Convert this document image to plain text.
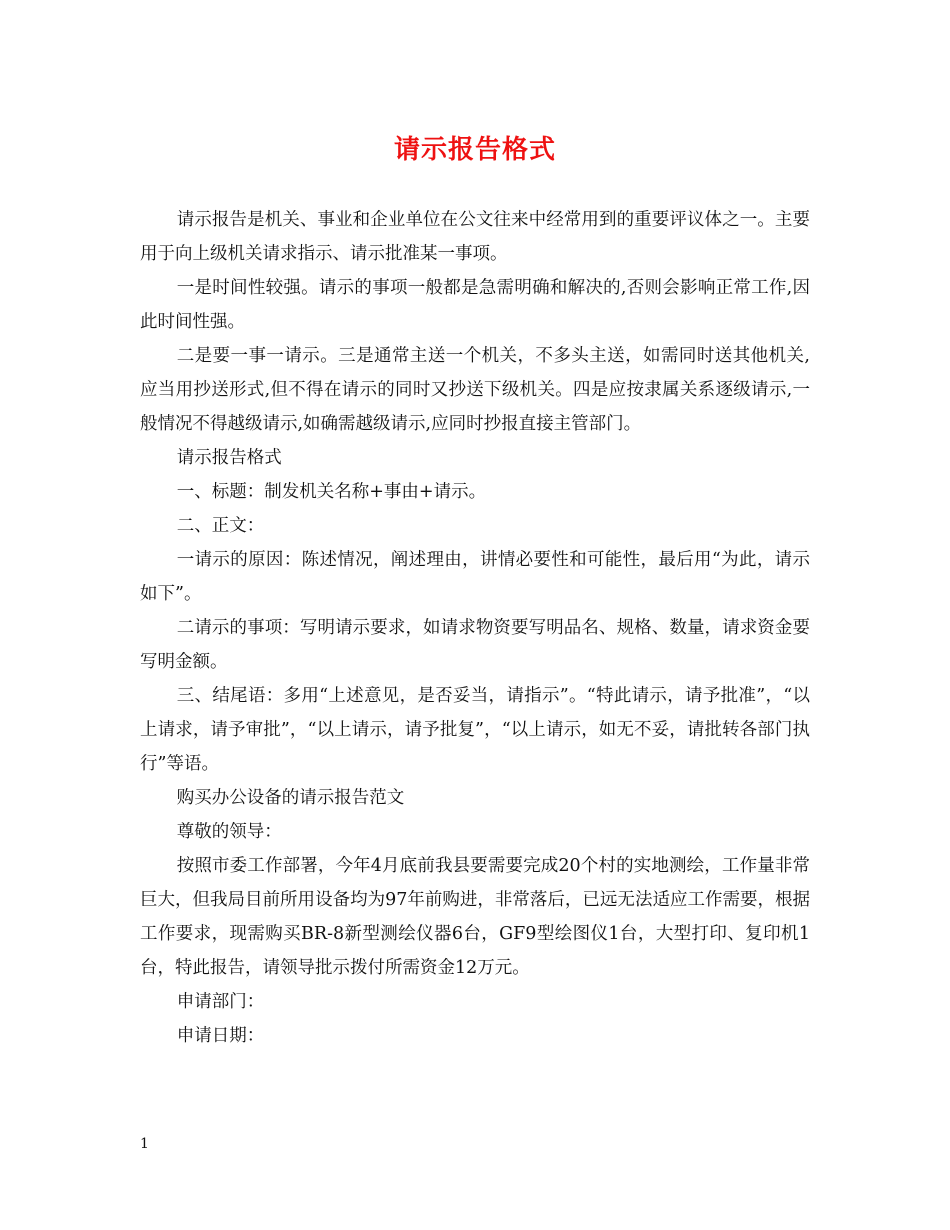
请示报告格式

请示报告是机关、事业和企业单位在公文往来中经常用到的重要评议体之一。主要用于向上级机关请求指示、请示批准某一事项。

一是时间性较强。请示的事项一般都是急需明确和解决的,否则会影响正常工作,因此时间性强。

二是要一事一请示。三是通常主送一个机关，不多头主送，如需同时送其他机关,应当用抄送形式,但不得在请示的同时又抄送下级机关。四是应按隶属关系逐级请示,一般情况不得越级请示,如确需越级请示,应同时抄报直接主管部门。

请示报告格式

一、标题：制发机关名称+事由+请示。

二、正文：

一请示的原因：陈述情况，阐述理由，讲情必要性和可能性，最后用“为此，请示如下”。

二请示的事项：写明请示要求，如请求物资要写明品名、规格、数量，请求资金要写明金额。

三、结尾语：多用“上述意见，是否妥当，请指示”。“特此请示，请予批准”，“以上请求，请予审批”，“以上请示，请予批复”，“以上请示，如无不妥，请批转各部门执行”等语。

购买办公设备的请示报告范文

尊敬的领导：

按照市委工作部署，今年4月底前我县要需要完成20个村的实地测绘，工作量非常巨大，但我局目前所用设备均为97年前购进，非常落后，已远无法适应工作需要，根据工作要求，现需购买BR-8新型测绘仪器6台，GF9型绘图仪1台，大型打印、复印机1台，特此报告，请领导批示拨付所需资金12万元。

申请部门：

申请日期：

1
